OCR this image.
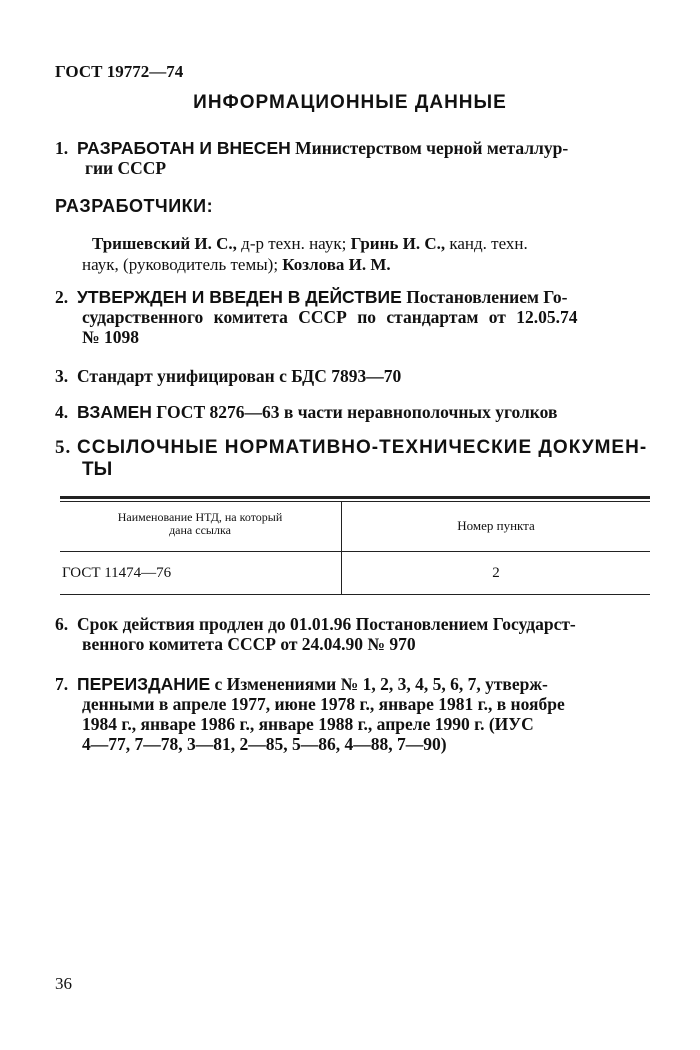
ГОСТ 19772—74
ИНФОРМАЦИОННЫЕ ДАННЫЕ
1. РАЗРАБОТАН И ВНЕСЕН Министерством черной металлур-
гии СССР
РАЗРАБОТЧИКИ:
Тришевский И. С., д-р техн. наук; Гринь И. С., канд. техн.
наук, (руководитель темы); Козлова И. М.
2. УТВЕРЖДЕН И ВВЕДЕН В ДЕЙСТВИЕ Постановлением Го-
сударственного комитета СССР по стандартам от 12.05.74
№ 1098
3. Стандарт унифицирован с БДС 7893—70
4. ВЗАМЕН ГОСТ 8276—63 в части неравнополочных уголков
5. ССЫЛОЧНЫЕ НОРМАТИВНО-ТЕХНИЧЕСКИЕ ДОКУМЕН-
ТЫ
Наименование НТД, на который
дана ссылка	Номер пункта
ГОСТ 11474—76	2
6. Срок действия продлен до 01.01.96 Постановлением Государст-
венного комитета СССР от 24.04.90 № 970
7. ПЕРЕИЗДАНИЕ с Изменениями № 1, 2, 3, 4, 5, 6, 7, утверж-
денными в апреле 1977, июне 1978 г., январе 1981 г., в ноябре
1984 г., январе 1986 г., январе 1988 г., апреле 1990 г. (ИУС
4—77, 7—78, 3—81, 2—85, 5—86, 4—88, 7—90)
36
